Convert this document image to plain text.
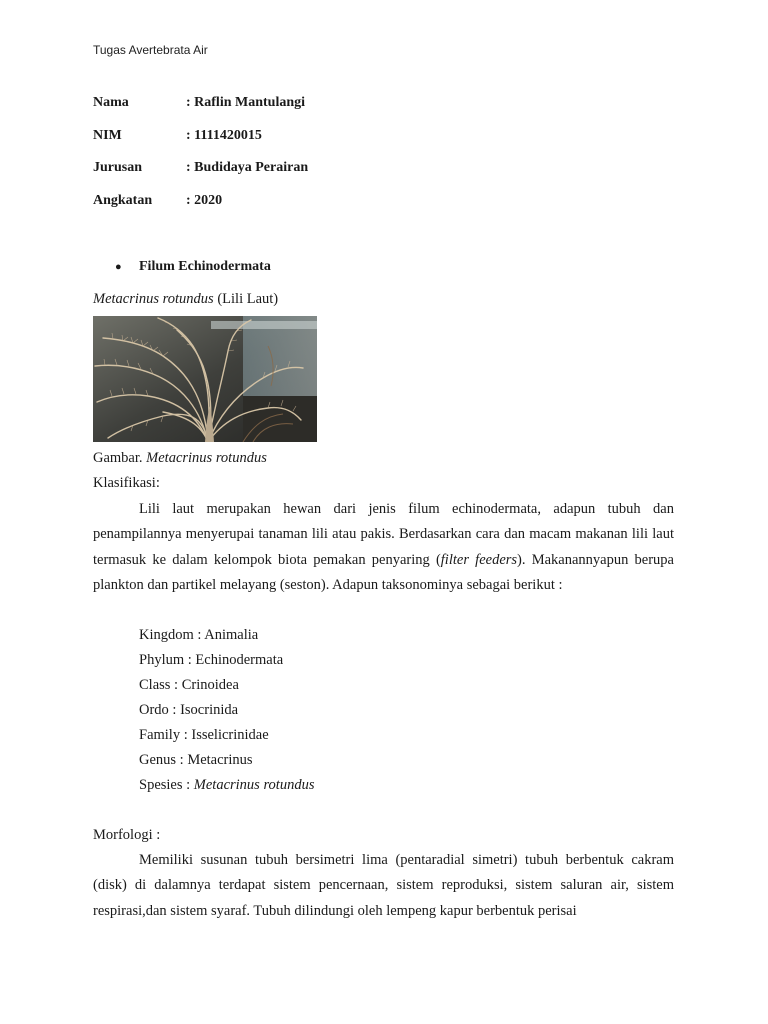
Tugas Avertebrata Air
Nama	: Raflin Mantulangi
NIM	: 1111420015
Jurusan	: Budidaya Perairan
Angkatan : 2020
● Filum Echinodermata
Metacrinus rotundus (Lili Laut)
Gambar. Metacrinus rotundus
Klasifikasi:

Lili laut merupakan hewan dari jenis filum echinodermata, adapun tubuh dan penampilannya menyerupai tanaman lili atau pakis. Berdasarkan cara dan macam makanan lili laut termasuk ke dalam kelompok biota pemakan penyaring (filter feeders). Makanannyapun berupa plankton dan partikel melayang (seston). Adapun taksonominya sebagai berikut :

Kingdom : Animalia
Phylum : Echinodermata
Class : Crinoidea
Ordo : Isocrinida
Family : Isselicrinidae
Genus : Metacrinus
Spesies : Metacrinus rotundus
Morfologi :

Memiliki susunan tubuh bersimetri lima (pentaradial simetri) tubuh berbentuk cakram (disk) di dalamnya terdapat sistem pencernaan, sistem reproduksi, sistem saluran air, sistem respirasi,dan sistem syaraf. Tubuh dilindungi oleh lempeng kapur berbentuk perisai
